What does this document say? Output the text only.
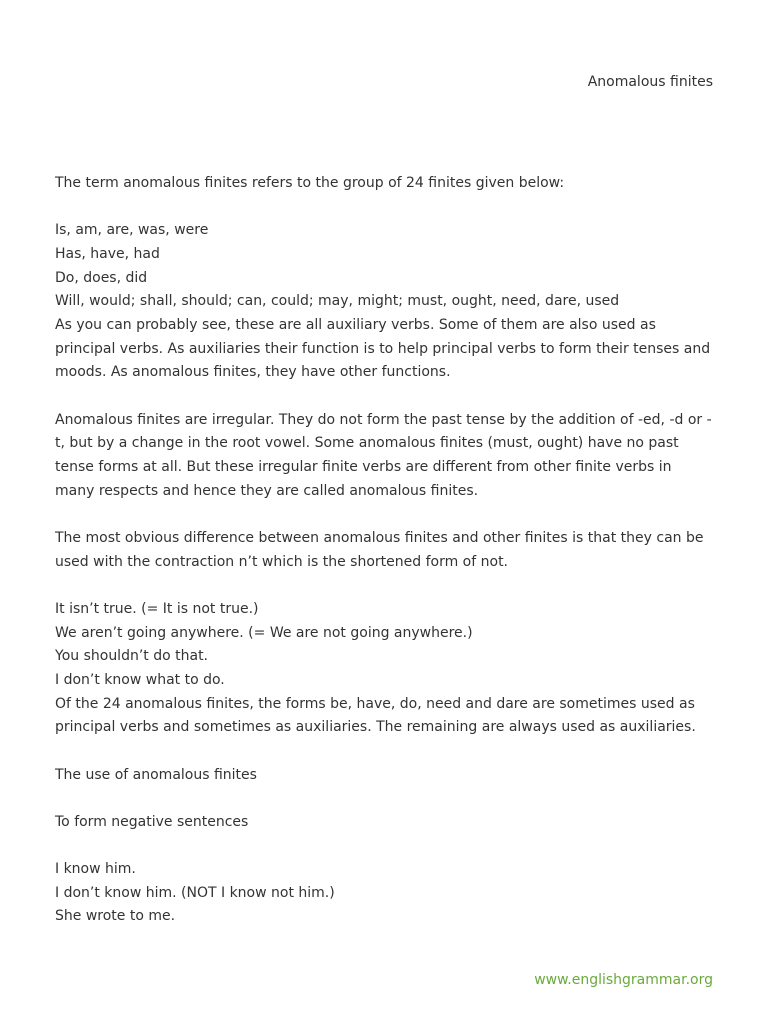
Anomalous finites

The term anomalous finites refers to the group of 24 finites given below:

Is, am, are, was, were

Has, have, had

Do, does, did

Will, would; shall, should; can, could; may, might; must, ought, need, dare, used

As you can probably see, these are all auxiliary verbs. Some of them are also used as principal verbs. As auxiliaries their function is to help principal verbs to form their tenses and moods. As anomalous finites, they have other functions.

Anomalous finites are irregular. They do not form the past tense by the addition of -ed, -d or -t, but by a change in the root vowel. Some anomalous finites (must, ought) have no past tense forms at all. But these irregular finite verbs are different from other finite verbs in many respects and hence they are called anomalous finites.

The most obvious difference between anomalous finites and other finites is that they can be used with the contraction n’t which is the shortened form of not.

It isn’t true. (= It is not true.)

We aren’t going anywhere. (= We are not going anywhere.)

You shouldn’t do that.

I don’t know what to do.

Of the 24 anomalous finites, the forms be, have, do, need and dare are sometimes used as principal verbs and sometimes as auxiliaries. The remaining are always used as auxiliaries.

The use of anomalous finites

To form negative sentences

I know him.

I don’t know him. (NOT I know not him.)

She wrote to me.

www.englishgrammar.org
